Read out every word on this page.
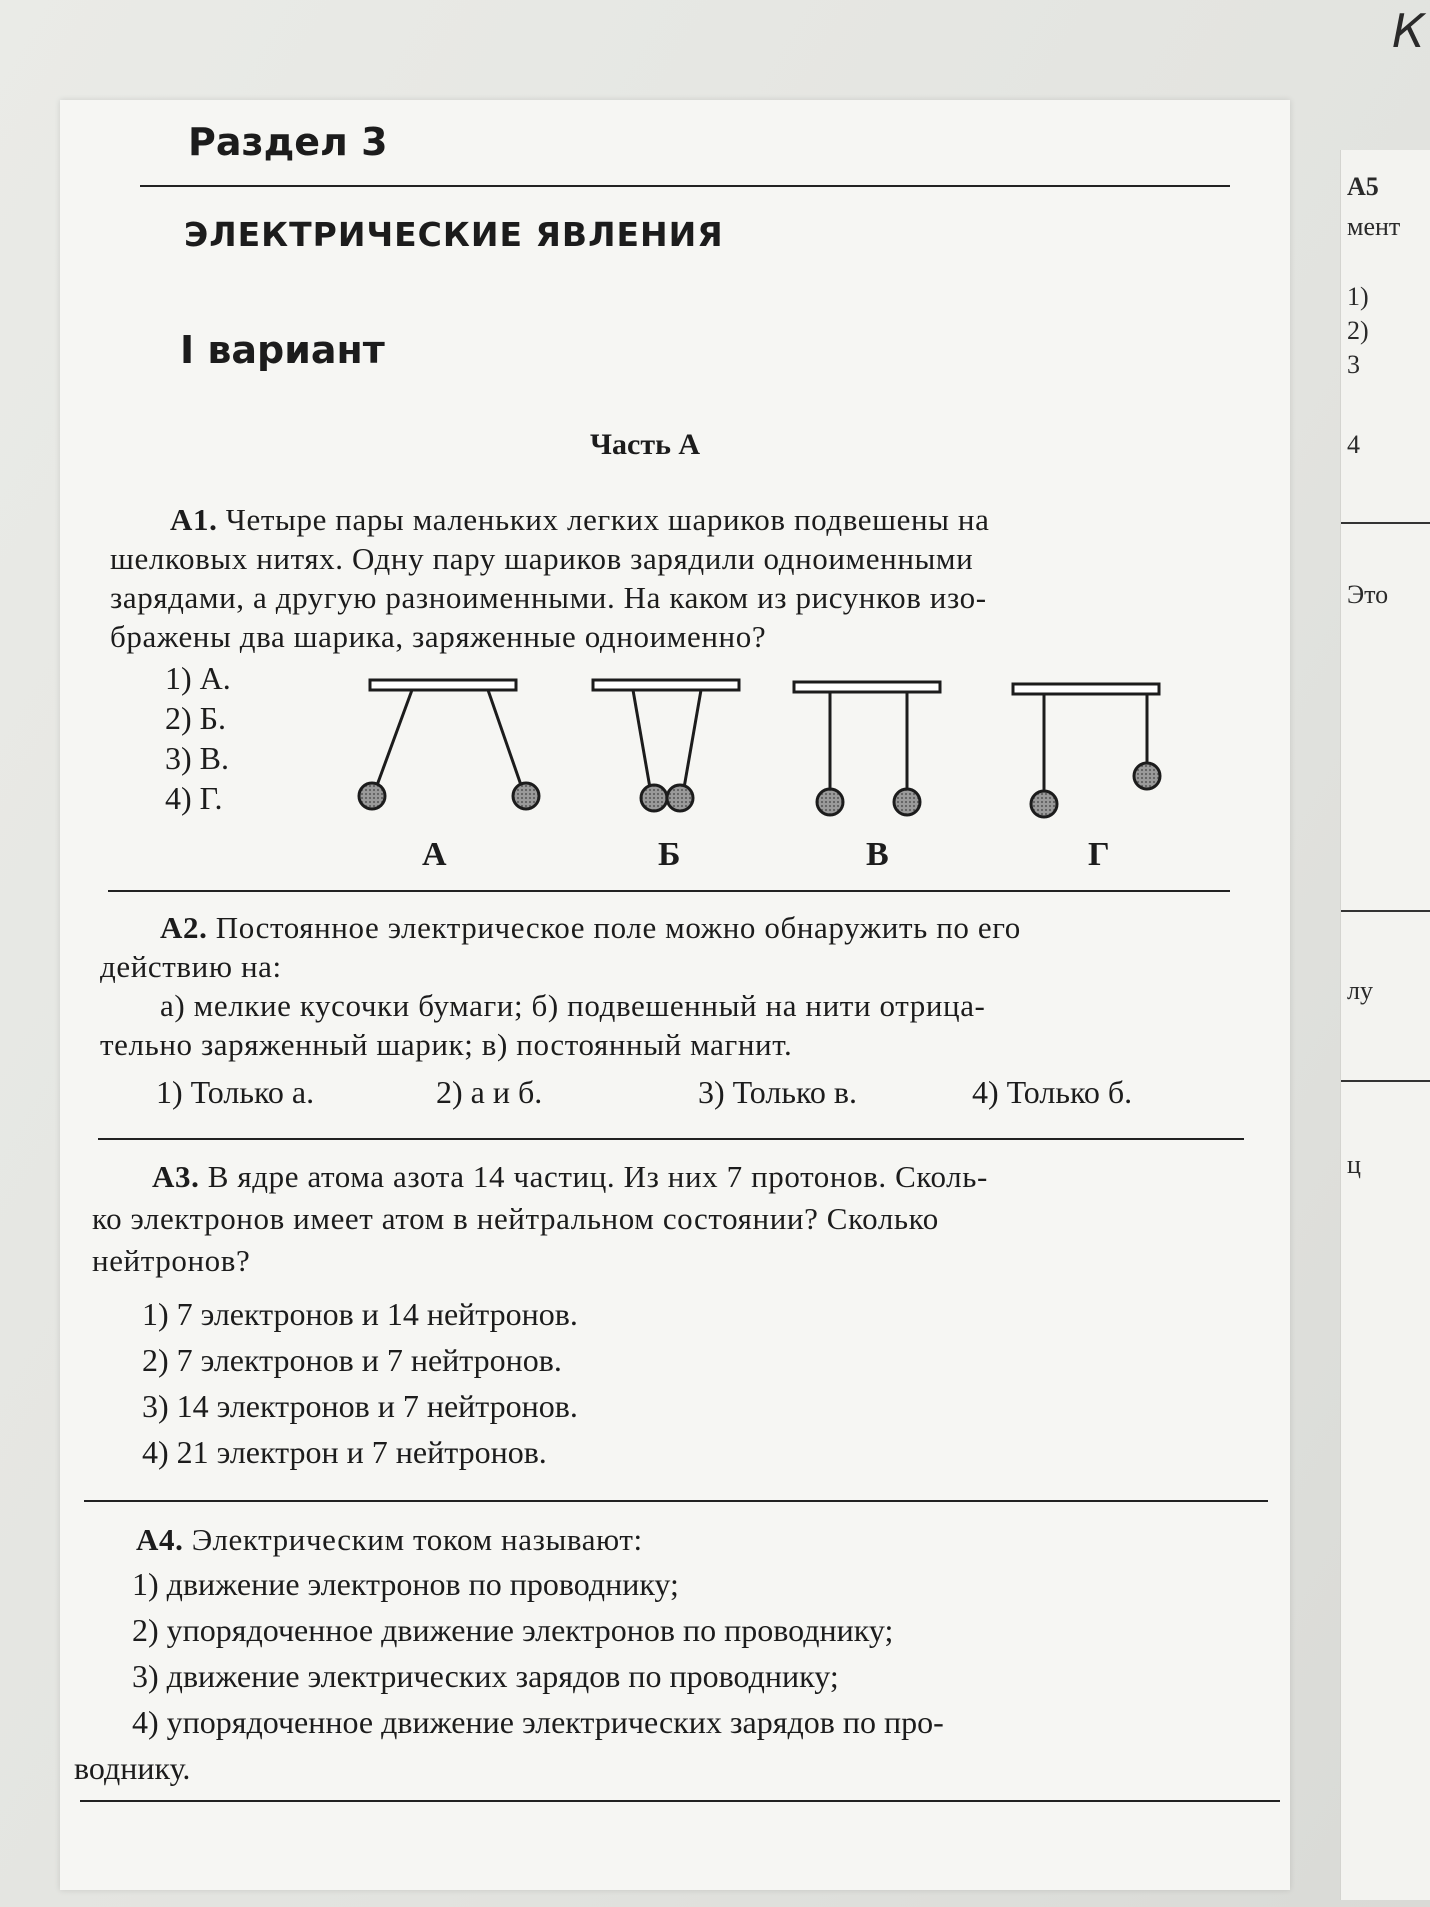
К
А5
мент
1)
2)
3
4
Это
лу
ц
Раздел 3
ЭЛЕКТРИЧЕСКИЕ ЯВЛЕНИЯ
I вариант
Часть А
А1. Четыре пары маленьких легких шариков подвешены на
шелковых нитях. Одну пару шариков зарядили одноименными
зарядами, а другую разноименными. На каком из рисунков изо-
бражены два шарика, заряженные одноименно?
1) А.
2) Б.
3) В.
4) Г.
А	Б	В	Г
А2. Постоянное электрическое поле можно обнаружить по его
действию на:
а) мелкие кусочки бумаги; б) подвешенный на нити отрица-
тельно заряженный шарик; в) постоянный магнит.
1) Только а.	2) а и б.	3) Только в.	4) Только б.
А3. В ядре атома азота 14 частиц. Из них 7 протонов. Сколь-
ко электронов имеет атом в нейтральном состоянии? Сколько
нейтронов?
1) 7 электронов и 14 нейтронов.
2) 7 электронов и 7 нейтронов.
3) 14 электронов и 7 нейтронов.
4) 21 электрон и 7 нейтронов.
А4. Электрическим током называют:
1) движение электронов по проводнику;
2) упорядоченное движение электронов по проводнику;
3) движение электрических зарядов по проводнику;
4) упорядоченное движение электрических зарядов по про-
воднику.
